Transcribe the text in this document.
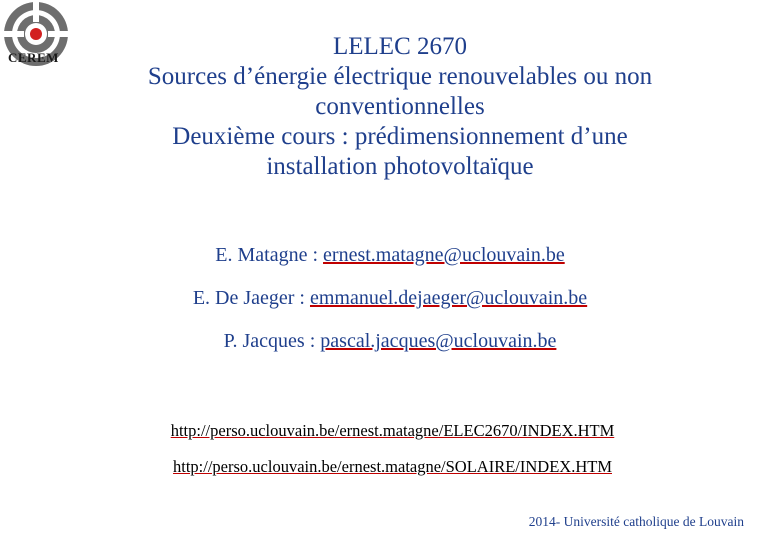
CEREM	LELEC 2670
Sources d’énergie électrique renouvelables ou non
conventionnelles
Deuxième cours : prédimensionnement d’une
installation photovoltaïque
E. Matagne : ernest.matagne@uclouvain.be
E. De Jaeger : emmanuel.dejaeger@uclouvain.be
P. Jacques : pascal.jacques@uclouvain.be
http://perso.uclouvain.be/ernest.matagne/ELEC2670/INDEX.HTM
http://perso.uclouvain.be/ernest.matagne/SOLAIRE/INDEX.HTM
2014- Université catholique de Louvain
